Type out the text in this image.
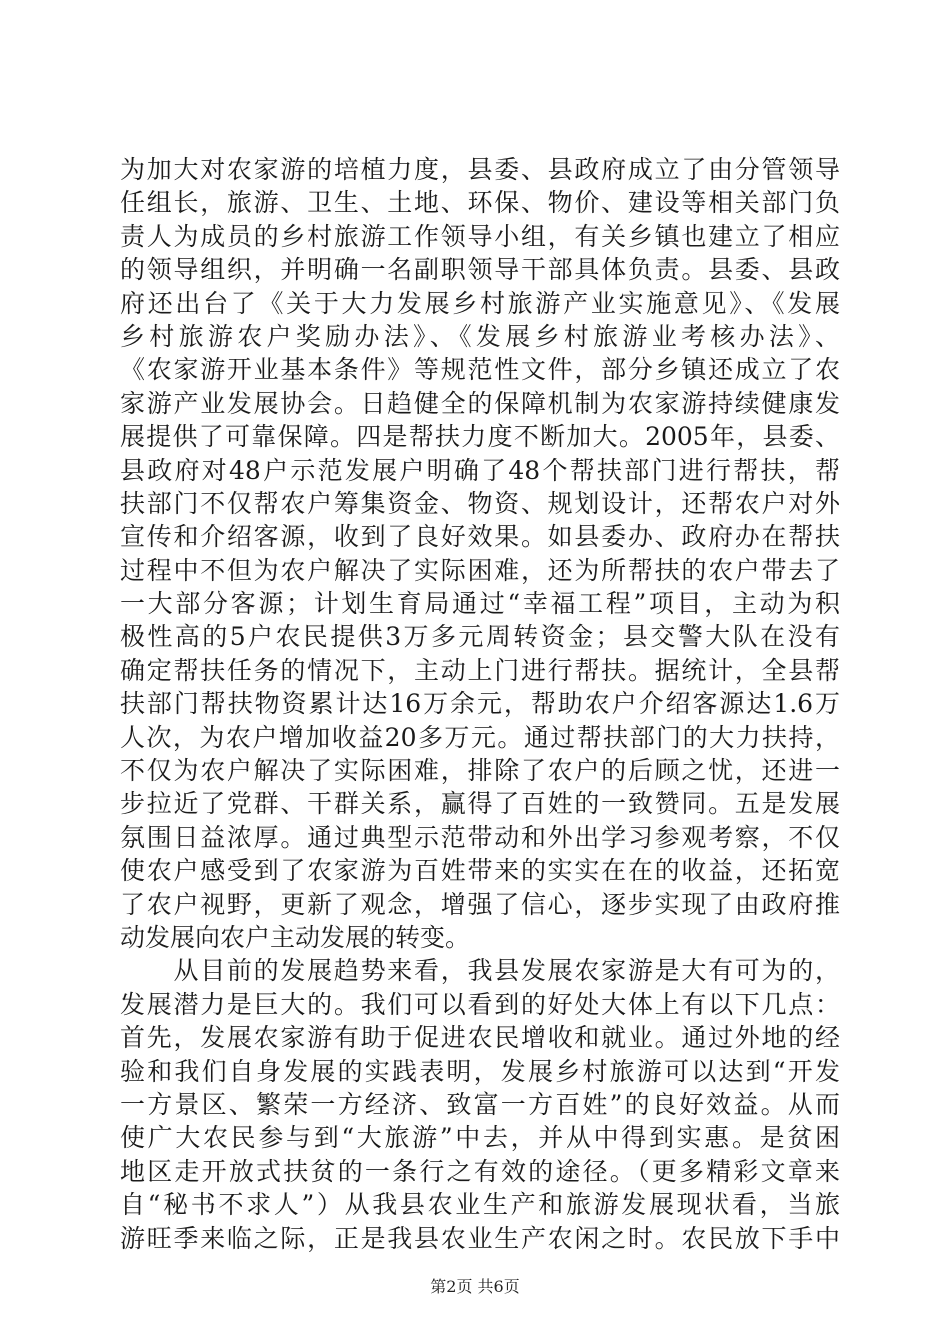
为加大对农家游的培植力度，县委、县政府成立了由分管领导
任组长，旅游、卫生、土地、环保、物价、建设等相关部门负
责人为成员的乡村旅游工作领导小组，有关乡镇也建立了相应
的领导组织，并明确一名副职领导干部具体负责。县委、县政
府还出台了《关于大力发展乡村旅游产业实施意见》、《发展
乡村旅游农户奖励办法》、《发展乡村旅游业考核办法》、
《农家游开业基本条件》等规范性文件，部分乡镇还成立了农
家游产业发展协会。日趋健全的保障机制为农家游持续健康发
展提供了可靠保障。四是帮扶力度不断加大。2005年，县委、
县政府对48户示范发展户明确了48个帮扶部门进行帮扶，帮
扶部门不仅帮农户筹集资金、物资、规划设计，还帮农户对外
宣传和介绍客源，收到了良好效果。如县委办、政府办在帮扶
过程中不但为农户解决了实际困难，还为所帮扶的农户带去了
一大部分客源；计划生育局通过“幸福工程”项目，主动为积
极性高的5户农民提供3万多元周转资金；县交警大队在没有
确定帮扶任务的情况下，主动上门进行帮扶。据统计，全县帮
扶部门帮扶物资累计达16万余元，帮助农户介绍客源达1.6万
人次，为农户增加收益20多万元。通过帮扶部门的大力扶持，
不仅为农户解决了实际困难，排除了农户的后顾之忧，还进一
步拉近了党群、干群关系，赢得了百姓的一致赞同。五是发展
氛围日益浓厚。通过典型示范带动和外出学习参观考察，不仅
使农户感受到了农家游为百姓带来的实实在在的收益，还拓宽
了农户视野，更新了观念，增强了信心，逐步实现了由政府推
动发展向农户主动发展的转变。
　　从目前的发展趋势来看，我县发展农家游是大有可为的，
发展潜力是巨大的。我们可以看到的好处大体上有以下几点：
首先，发展农家游有助于促进农民增收和就业。通过外地的经
验和我们自身发展的实践表明，发展乡村旅游可以达到“开发
一方景区、繁荣一方经济、致富一方百姓”的良好效益。从而
使广大农民参与到“大旅游”中去，并从中得到实惠。是贫困
地区走开放式扶贫的一条行之有效的途径。（更多精彩文章来
自“秘书不求人”）从我县农业生产和旅游发展现状看，当旅
游旺季来临之际，正是我县农业生产农闲之时。农民放下手中
第2页 共6页
